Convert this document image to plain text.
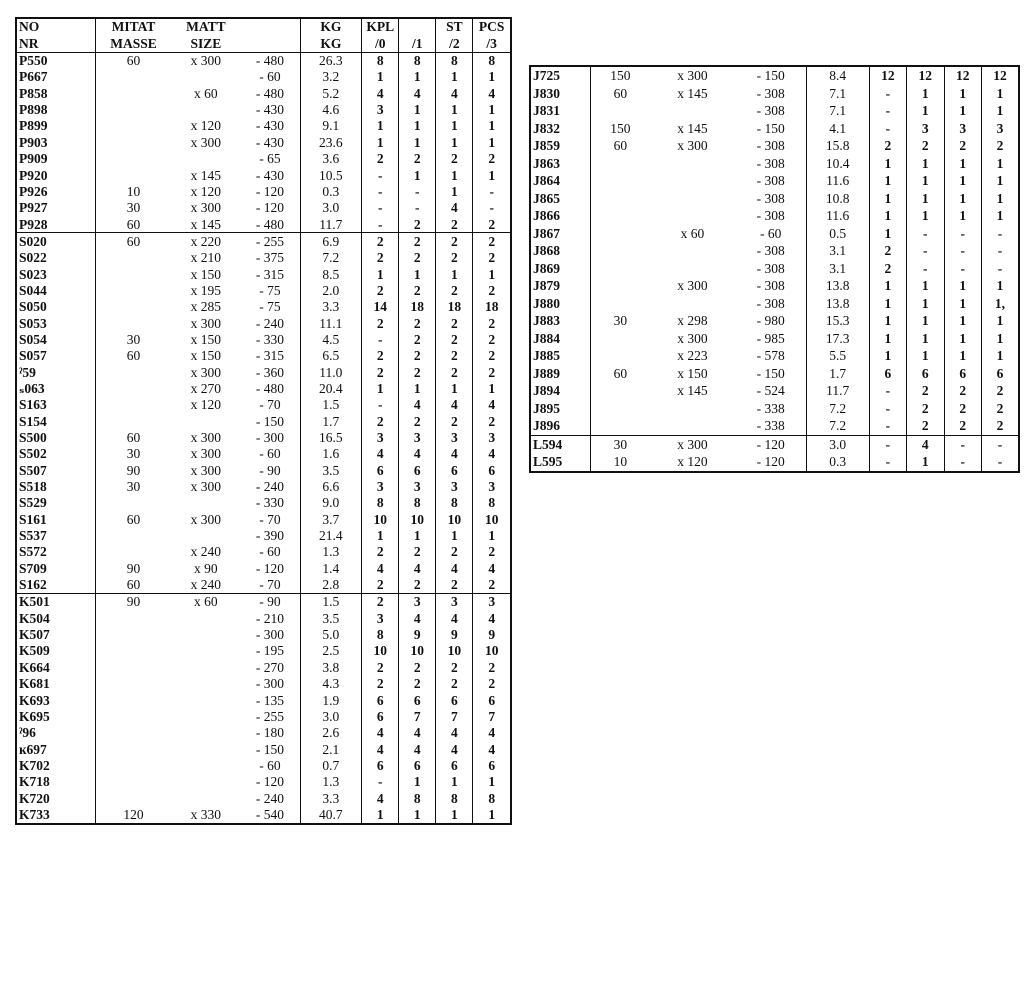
NO	MITAT	MATT		KG	KPL		ST	PCS
NR	MASSE	SIZE		KG	/0	/1	/2	/3
P550	60	x 300	- 480	26.3	8	8	8	8
P667			- 60	3.2	1	1	1	1
P858		x 60	- 480	5.2	4	4	4	4
P898			- 430	4.6	3	1	1	1
P899		x 120	- 430	9.1	1	1	1	1
P903		x 300	- 430	23.6	1	1	1	1
P909			- 65	3.6	2	2	2	2
P920		x 145	- 430	10.5	-	1	1	1
P926	10	x 120	- 120	0.3	-	-	1	-
P927	30	x 300	- 120	3.0	-	-	4	-
P928	60	x 145	- 480	11.7	-	2	2	2
S020	60	x 220	- 255	6.9	2	2	2	2
S022		x 210	- 375	7.2	2	2	2	2
S023		x 150	- 315	8.5	1	1	1	1
S044		x 195	- 75	2.0	2	2	2	2
S050		x 285	- 75	3.3	14	18	18	18
S053		x 300	- 240	11.1	2	2	2	2
S054	30	x 150	- 330	4.5	-	2	2	2
S057	60	x 150	- 315	6.5	2	2	2	2
ˀ59		x 300	- 360	11.0	2	2	2	2
ₛ063		x 270	- 480	20.4	1	1	1	1
S163		x 120	- 70	1.5	-	4	4	4
S154			- 150	1.7	2	2	2	2
S500	60	x 300	- 300	16.5	3	3	3	3
S502	30	x 300	- 60	1.6	4	4	4	4
S507	90	x 300	- 90	3.5	6	6	6	6
S518	30	x 300	- 240	6.6	3	3	3	3
S529			- 330	9.0	8	8	8	8
S161	60	x 300	- 70	3.7	10	10	10	10
S537			- 390	21.4	1	1	1	1
S572		x 240	- 60	1.3	2	2	2	2
S709	90	x 90	- 120	1.4	4	4	4	4
S162	60	x 240	- 70	2.8	2	2	2	2
K501	90	x 60	- 90	1.5	2	3	3	3
K504			- 210	3.5	3	4	4	4
K507			- 300	5.0	8	9	9	9
K509			- 195	2.5	10	10	10	10
K664			- 270	3.8	2	2	2	2
K681			- 300	4.3	2	2	2	2
K693			- 135	1.9	6	6	6	6
K695			- 255	3.0	6	7	7	7
ˀ96			- 180	2.6	4	4	4	4
ĸ697			- 150	2.1	4	4	4	4
K702			- 60	0.7	6	6	6	6
K718			- 120	1.3	-	1	1	1
K720			- 240	3.3	4	8	8	8
K733	120	x 330	- 540	40.7	1	1	1	1
J725	150	x 300	- 150	8.4	12	12	12	12
J830	60	x 145	- 308	7.1	-	1	1	1
J831			- 308	7.1	-	1	1	1
J832	150	x 145	- 150	4.1	-	3	3	3
J859	60	x 300	- 308	15.8	2	2	2	2
J863			- 308	10.4	1	1	1	1
J864			- 308	11.6	1	1	1	1
J865			- 308	10.8	1	1	1	1
J866			- 308	11.6	1	1	1	1
J867		x 60	- 60	0.5	1	-	-	-
J868			- 308	3.1	2	-	-	-
J869			- 308	3.1	2	-	-	-
J879		x 300	- 308	13.8	1	1	1	1
J880			- 308	13.8	1	1	1	1,
J883	30	x 298	- 980	15.3	1	1	1	1
J884		x 300	- 985	17.3	1	1	1	1
J885		x 223	- 578	5.5	1	1	1	1
J889	60	x 150	- 150	1.7	6	6	6	6
J894		x 145	- 524	11.7	-	2	2	2
J895			- 338	7.2	-	2	2	2
J896			- 338	7.2	-	2	2	2
L594	30	x 300	- 120	3.0	-	4	-	-
L595	10	x 120	- 120	0.3	-	1	-	-
